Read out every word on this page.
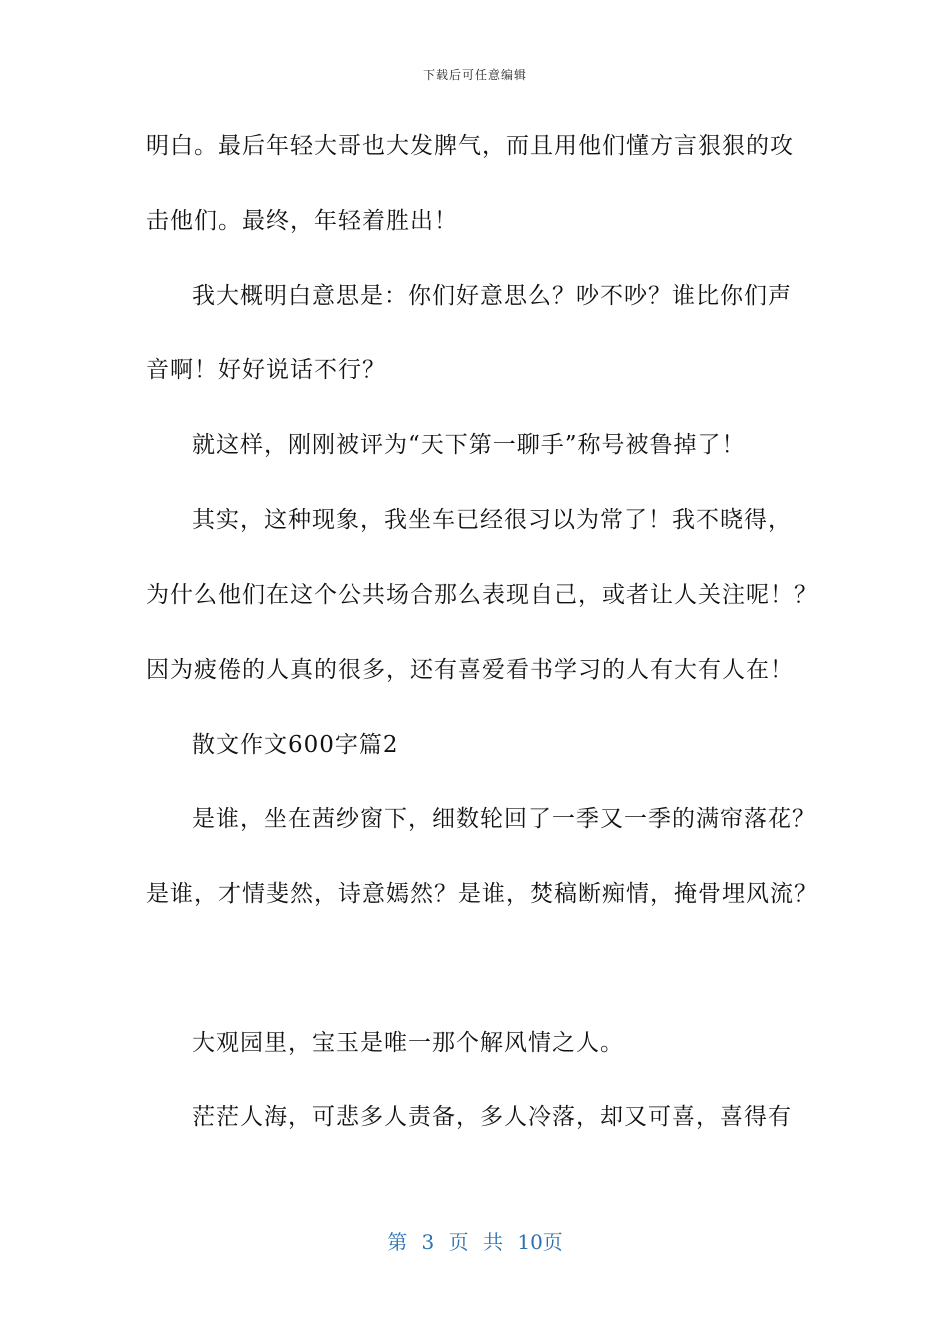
下载后可任意编辑
明白。最后年轻大哥也大发脾气，而且用他们懂方言狠狠的攻
击他们。最终，年轻着胜出！
我大概明白意思是：你们好意思么？吵不吵？谁比你们声
音啊！好好说话不行？
就这样，刚刚被评为“天下第一聊手”称号被鲁掉了！
其实，这种现象，我坐车已经很习以为常了！我不晓得，
为什么他们在这个公共场合那么表现自己，或者让人关注呢！？
因为疲倦的人真的很多，还有喜爱看书学习的人有大有人在！
散文作文600字篇2
是谁，坐在茜纱窗下，细数轮回了一季又一季的满帘落花？
是谁，才情斐然，诗意嫣然？是谁，焚稿断痴情，掩骨埋风流？
大观园里，宝玉是唯一那个解风情之人。
茫茫人海，可悲多人责备，多人冷落，却又可喜，喜得有
第 3 页 共 10页
